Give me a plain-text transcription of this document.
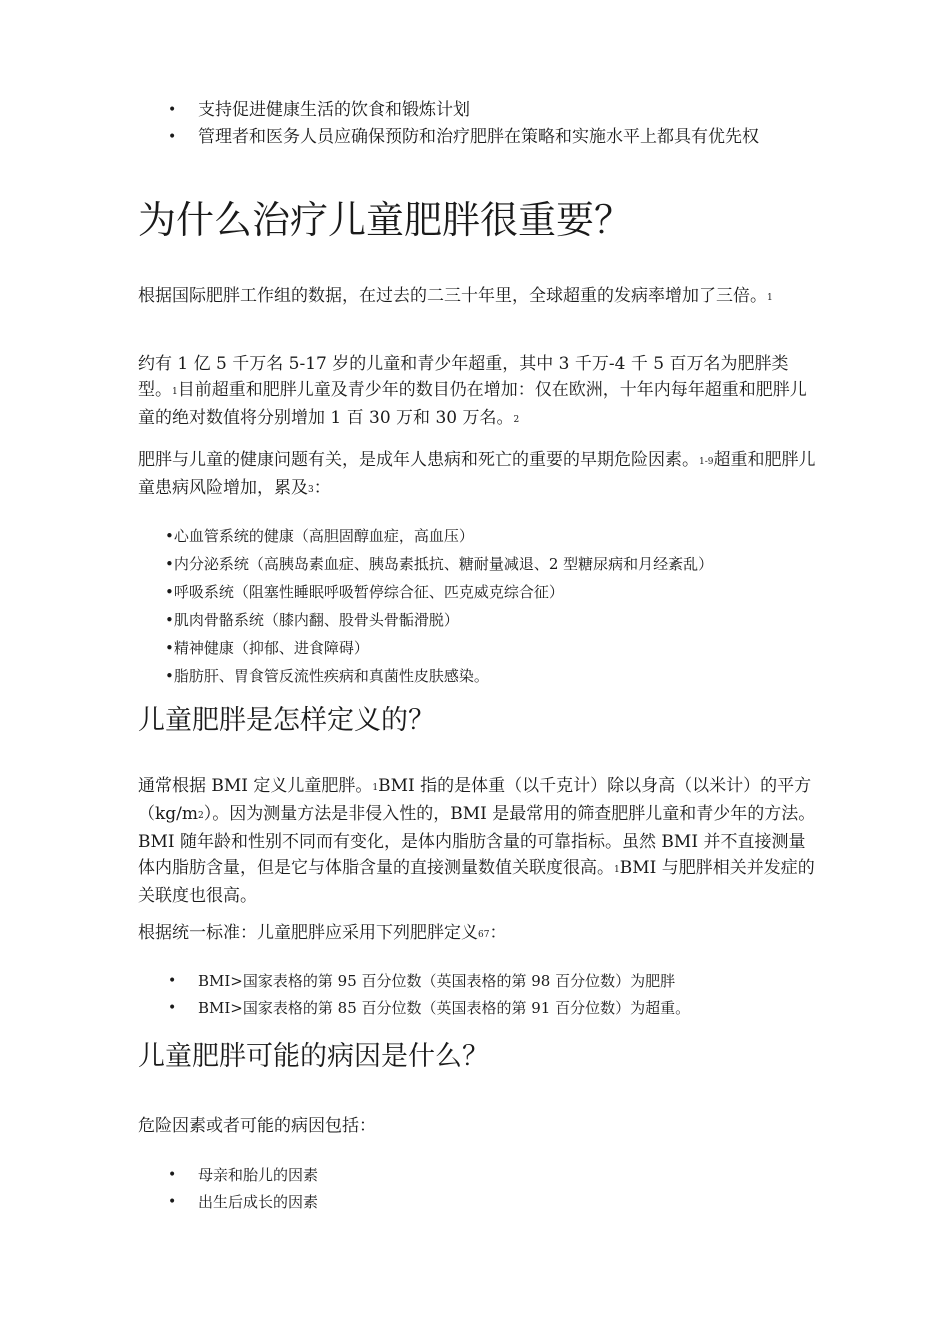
• 支持促进健康生活的饮食和锻炼计划
• 管理者和医务人员应确保预防和治疗肥胖在策略和实施水平上都具有优先权
为什么治疗儿童肥胖很重要？

根据国际肥胖工作组的数据，在过去的二三十年里，全球超重的发病率增加了三倍。1

约有 1 亿 5 千万名 5-17 岁的儿童和青少年超重，其中 3 千万-4 千 5 百万名为肥胖类型。1目前超重和肥胖儿童及青少年的数目仍在增加：仅在欧洲，十年内每年超重和肥胖儿童的绝对数值将分别增加 1 百 30 万和 30 万名。2

肥胖与儿童的健康问题有关，是成年人患病和死亡的重要的早期危险因素。1-9超重和肥胖儿童患病风险增加，累及3：

•心血管系统的健康（高胆固醇血症，高血压）
•内分泌系统（高胰岛素血症、胰岛素抵抗、糖耐量减退、2 型糖尿病和月经紊乱）
•呼吸系统（阻塞性睡眠呼吸暂停综合征、匹克威克综合征）
•肌肉骨骼系统（膝内翻、股骨头骨骺滑脱）
•精神健康（抑郁、进食障碍）
•脂肪肝、胃食管反流性疾病和真菌性皮肤感染。
儿童肥胖是怎样定义的？

通常根据 BMI 定义儿童肥胖。1BMI 指的是体重（以千克计）除以身高（以米计）的平方（kg/m2）。因为测量方法是非侵入性的，BMI 是最常用的筛查肥胖儿童和青少年的方法。BMI 随年龄和性别不同而有变化，是体内脂肪含量的可靠指标。虽然 BMI 并不直接测量体内脂肪含量，但是它与体脂含量的直接测量数值关联度很高。1BMI 与肥胖相关并发症的关联度也很高。

根据统一标准：儿童肥胖应采用下列肥胖定义67：

• BMI>国家表格的第 95 百分位数（英国表格的第 98 百分位数）为肥胖
• BMI>国家表格的第 85 百分位数（英国表格的第 91 百分位数）为超重。
儿童肥胖可能的病因是什么？

危险因素或者可能的病因包括：

• 母亲和胎儿的因素
• 出生后成长的因素
